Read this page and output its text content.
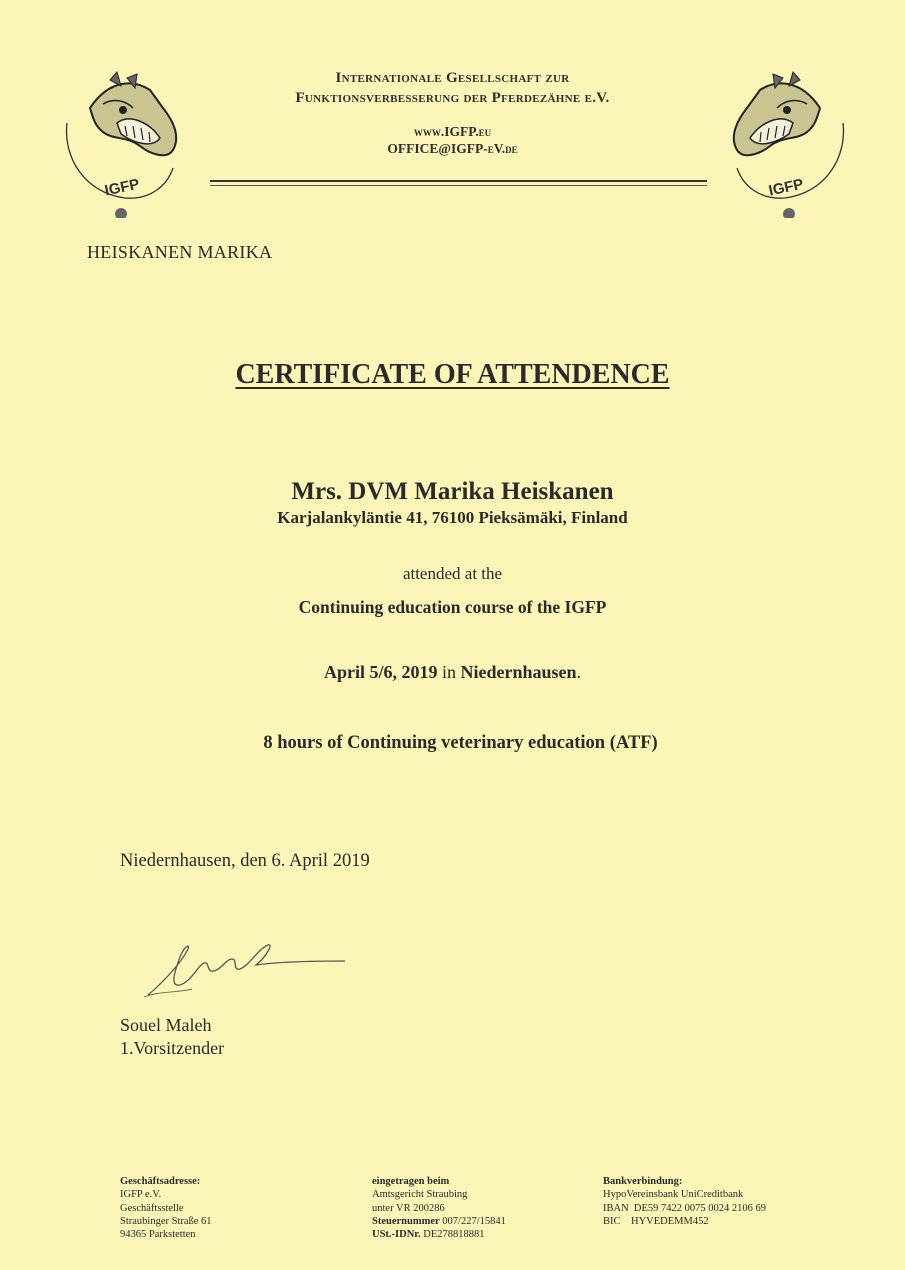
IGFP	IGFP
Internationale Gesellschaft zur
Funktionsverbesserung der Pferdezähne e.V.
www.IGFP.eu
OFFICE@IGFP-eV.de
HEISKANEN MARIKA
CERTIFICATE OF ATTENDENCE
Mrs. DVM Marika Heiskanen
Karjalankyläntie 41, 76100 Pieksämäki, Finland
attended at the
Continuing education course of the IGFP
April 5/6, 2019 in Niedernhausen.
8 hours of Continuing veterinary education (ATF)
Niedernhausen, den 6. April 2019
Souel Maleh
1.Vorsitzender
Geschäftsadresse:
IGFP e.V.
Geschäftsstelle
Straubinger Straße 61
94365 Parkstetten
eingetragen beim
Amtsgericht Straubing
unter VR 200286
Steuernummer 007/227/15841
USt.-IDNr. DE278818881
Bankverbindung:
HypoVereinsbank UniCreditbank
IBAN  DE59 7422 0075 0024 2106 69
BIC    HYVEDEMM452
